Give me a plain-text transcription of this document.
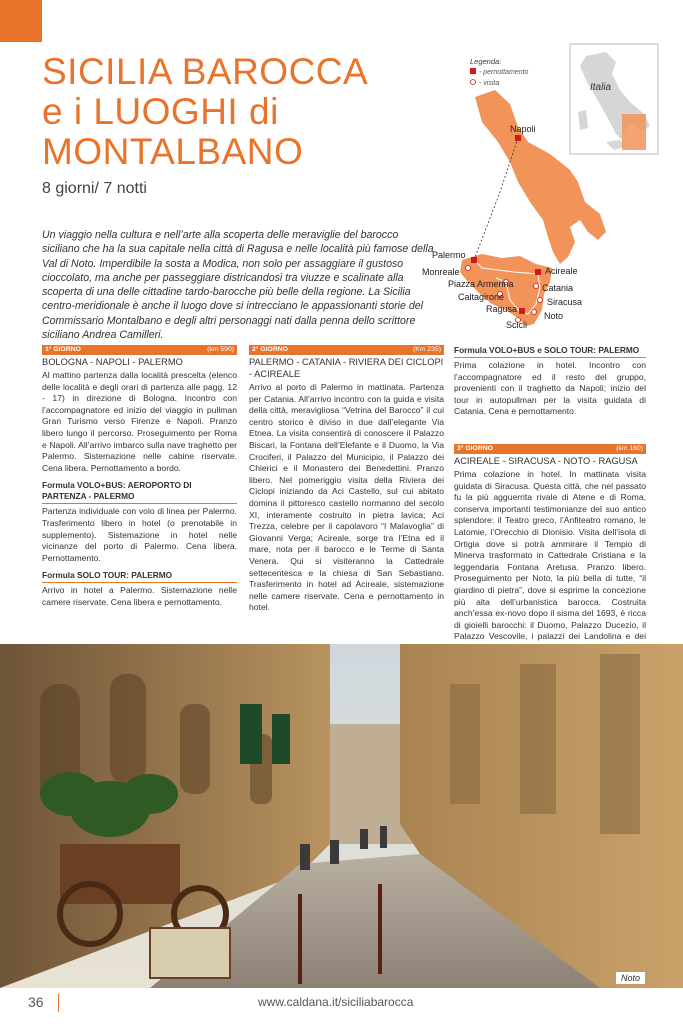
SICILIA BAROCCA
e i LUOGHI di
MONTALBANO

8 giorni/ 7 notti

Un viaggio nella cultura e nell’arte alla scoperta delle meraviglie del barocco siciliano che ha la sua capitale nella città di Ragusa e nelle località più famose della Val di Noto. Imperdibile la sosta a Modica, non solo per assaggiare il gustoso cioccolato, ma anche per passeggiare districandosi tra viuzze e scalinate alla scoperta di una delle cittadine tardo-barocche più belle della regione. La Sicilia centro-meridionale è anche il luogo dove si intrecciano le appassionanti storie del Commissario Montalbano e degli altri personaggi nati dalla penna dello scrittore siciliano Andrea Camilleri.

Legenda:
- pernottamento
- visita	Italia
Napoli
Palermo
Monreale
Piazza Armerina
Caltagirone
Ragusa
Scicli
Acireale
Catania
Siracusa
Noto
1° GIORNO	(km 590)
BOLOGNA - NAPOLI - PALERMO

Al mattino partenza dalla località prescelta (elenco delle località e degli orari di partenza alle pagg. 12 - 17) in direzione di Bologna. Incontro con l’accompagnatore ed inizio del viaggio in pullman Gran Turismo verso Firenze e Napoli. Pranzo libero lungo il percorso. Proseguimento per Roma e Napoli. All’arrivo imbarco sulla nave traghetto per Palermo. Sistemazione nelle cabine riservate. Cena libera. Pernottamento a bordo.

Formula VOLO+BUS: AEROPORTO DI PARTENZA - PALERMO

Partenza individuale con volo di linea per Palermo. Trasferimento libero in hotel (o prenotabile in supplemento). Sistemazione in hotel nelle vicinanze del porto di Palermo. Cena libera. Pernottamento.

Formula SOLO TOUR: PALERMO

Arrivo in hotel a Palermo. Sistemazione nelle camere riservate. Cena libera e pernottamento.

2° GIORNO	(Km 235)
PALERMO - CATANIA - RIVIERA DEI CICLOPI - ACIREALE

Arrivo al porto di Palermo in mattinata. Partenza per Catania. All’arrivo incontro con la guida e visita della città, meravigliosa “Vetrina del Barocco” il cui centro storico è diviso in due dall’elegante Via Etnea. La visita consentirà di conoscere il Palazzo Biscari, la Fontana dell’Elefante e il Duomo, la Via Crociferi, il Palazzo del Municipio, il Palazzo dei Chierici e il Monastero dei Benedettini. Pranzo libero. Nel pomeriggio visita della Riviera dei Ciclopi iniziando da Aci Castello, sul cui abitato domina il pittoresco castello normanno del secolo XI, interamente costruito in pietra lavica; Aci Trezza, celebre per il capolavoro “I Malavoglia” di Giovanni Verga; Acireale, sorge tra l’Etna ed il mare, nota per il barocco e le Terme di Santa Venera. Qui si visiteranno la Cattedrale settecentesca e la chiesa di San Sebastiano. Trasferimento in hotel ad Acireale, sistemazione nelle camere riservate. Cena e pernottamento in hotel.

Formula VOLO+BUS e SOLO TOUR: PALERMO

Prima colazione in hotel. Incontro con l’accompagnatore ed il resto del gruppo, provenienti con il traghetto da Napoli; inizio del tour in autopullman per la visita guidata di Catania. Cena e pernottamento.

3° GIORNO	(km 160)
ACIREALE - SIRACUSA - NOTO - RAGUSA

Prima colazione in hotel. In mattinata visita guidata di Siracusa. Questa città, che nel passato fu la più agguerrita rivale di Atene e di Roma, conserva importanti testimonianze del suo antico splendore: il Teatro greco, l’Anfiteatro romano, le Latomie, l’Orecchio di Dionisio. Visita dell’isola di Ortigia dove si potrà ammirare il Tempio di Minerva trasformato in Cattedrale Cristiana e la leggendaria Fontana Aretusa. Pranzo libero. Proseguimento per Noto, la più bella di tutte, “il giardino di pietra”, dove si esprime la concezione più alta dell’urbanistica barocca. Costruita anch’essa ex-novo dopo il sisma del 1693, è ricca di gioielli barocchi: il Duomo, Palazzo Ducezio, il Palazzo Vescovile, i palazzi dei Landolina e dei

Noto
36	www.caldana.it/siciliabarocca
